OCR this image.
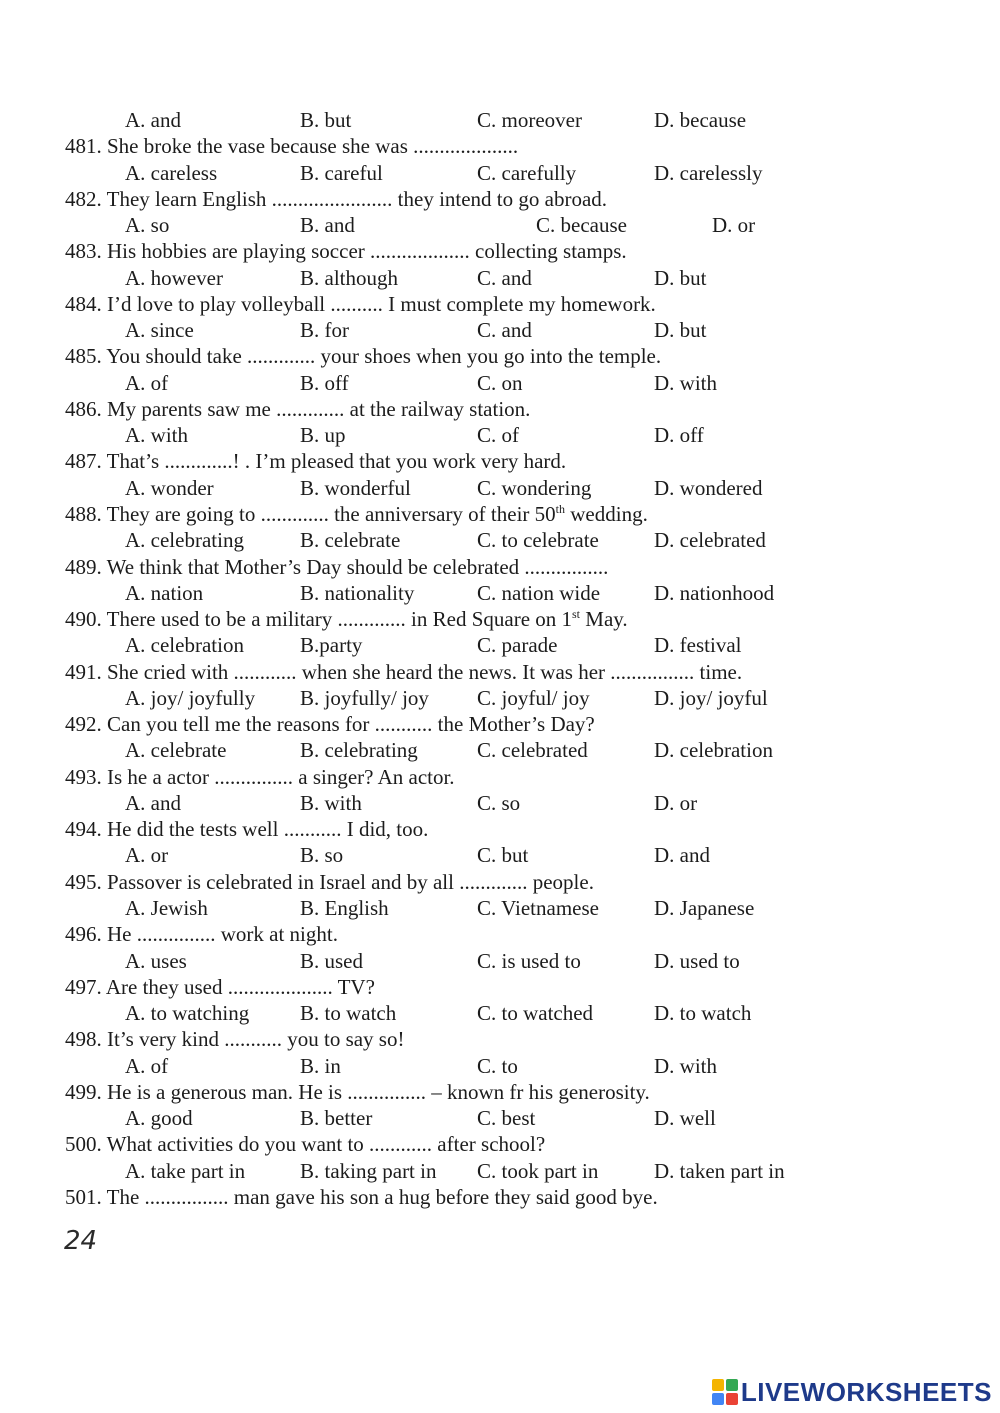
A. and	B. but	C. moreover	D. because
481. She broke the vase because she was ....................
A. careless	B. careful	C. carefully	D. carelessly
482. They learn English ....................... they intend to go abroad.
A. so	B. and	C. because	D. or
483. His hobbies are playing soccer ................... collecting stamps.
A. however	B. although	C. and	D. but
484. I’d love to play volleyball .......... I must complete my homework.
A. since	B. for	C. and	D. but
485. You should take ............. your shoes when you go into the temple.
A. of	B. off	C. on	D. with
486. My parents saw me ............. at the railway station.
A. with	B. up	C. of	D. off
487. That’s .............! . I’m pleased that you work very hard.
A. wonder	B. wonderful	C. wondering	D. wondered
488. They are going to ............. the anniversary of their 50th wedding.
A. celebrating	B. celebrate	C. to celebrate	D. celebrated
489. We think that Mother’s Day should be celebrated ................
A. nation	B. nationality	C. nation wide	D. nationhood
490. There used to be a military ............. in Red Square on 1st May.
A. celebration	B.party	C. parade	D. festival
491. She cried with ............ when she heard the news. It was her ................ time.
A. joy/ joyfully B. joyfully/ joy C. joyful/ joy	D. joy/ joyful
492. Can you tell me the reasons for ........... the Mother’s Day?
A. celebrate	B. celebrating	C. celebrated	D. celebration
493. Is he a actor ............... a singer? An actor.
A. and	B. with	C. so	D. or
494. He did the tests well ........... I did, too.
A. or	B. so	C. but	D. and
495. Passover is celebrated in Israel and by all ............. people.
A. Jewish	B. English	C. Vietnamese	D. Japanese
496. He ............... work at night.
A. uses	B. used	C. is used to	D. used to
497. Are they used .................... TV?
A. to watching B. to watch	C. to watched	D. to watch
498. It’s very kind ........... you to say so!
A. of	B. in	C. to	D. with
499. He is a generous man. He is ............... – known fr his generosity.
A. good	B. better	C. best	D. well
500. What activities do you want to ............ after school?
A. take part in	B. taking part in C. took part in	D. taken part in
501. The ................ man gave his son a hug before they said good bye.
24
LIVEWORKSHEETS
